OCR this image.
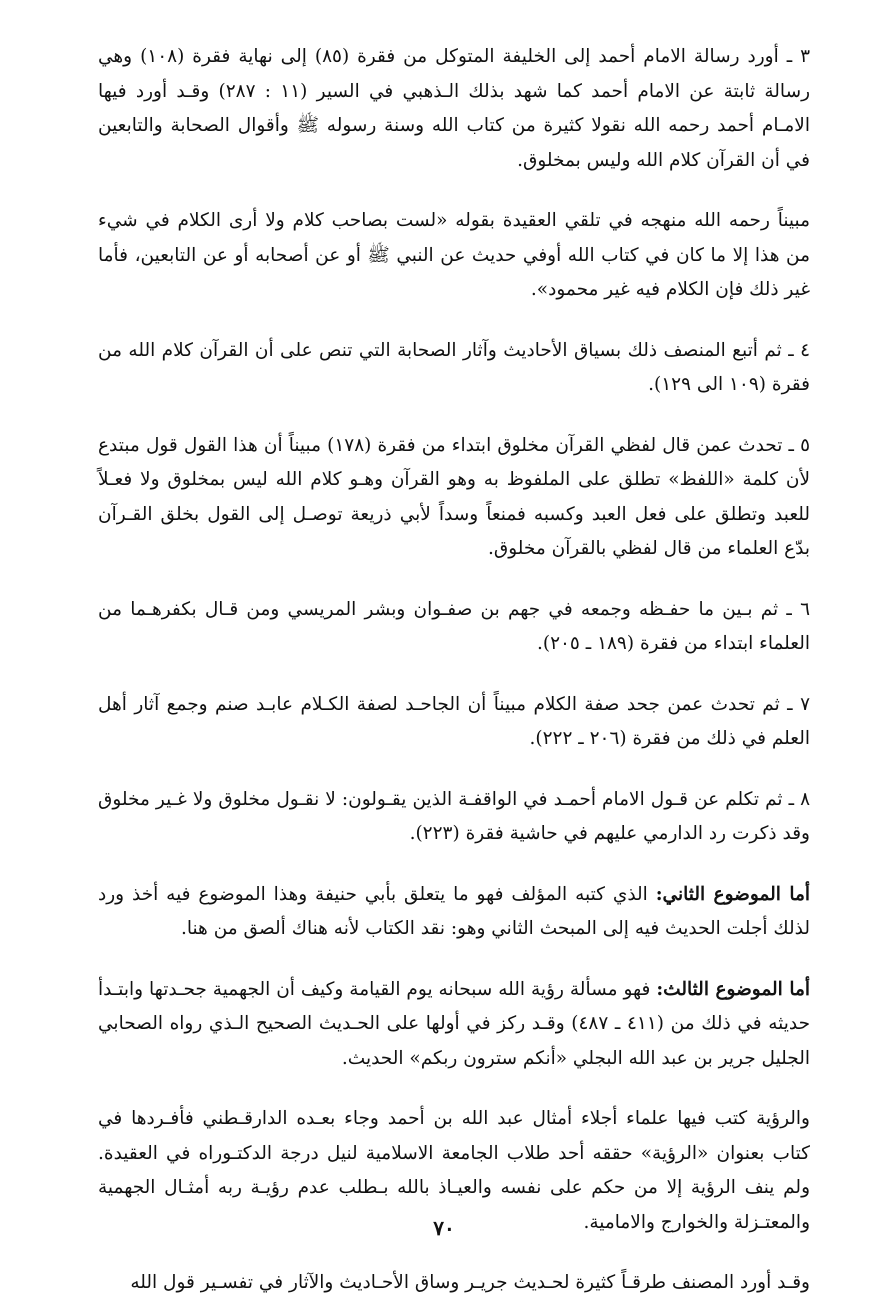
٣ ـ أورد رسالة الامام أحمد إلى الخليفة المتوكل من فقرة (٨٥) إلى نهاية فقرة (١٠٨) وهي رسالة ثابتة عن الامام أحمد كما شهد بذلك الـذهبي في السير (١١ : ٢٨٧) وقـد أورد فيها الامـام أحمد رحمه الله نقولا كثيرة من كتاب الله وسنة رسوله ﷺ وأقوال الصحابة والتابعين في أن القرآن كلام الله وليس بمخلوق.

مبيناً رحمه الله منهجه في تلقي العقيدة بقوله «لست بصاحب كلام ولا أرى الكلام في شيء من هذا إلا ما كان في كتاب الله أوفي حديث عن النبي ﷺ أو عن أصحابه أو عن التابعين، فأما غير ذلك فإن الكلام فيه غير محمود».

٤ ـ ثم أتبع المنصف ذلك بسياق الأحاديث وآثار الصحابة التي تنص على أن القرآن كلام الله من فقرة (١٠٩ الى ١٢٩).

٥ ـ تحدث عمن قال لفظي القرآن مخلوق ابتداء من فقرة (١٧٨) مبيناً أن هذا القول قول مبتدع لأن كلمة «اللفظ» تطلق على الملفوظ به وهو القرآن وهـو كلام الله ليس بمخلوق ولا فعـلاً للعبد وتطلق على فعل العبد وكسبه فمنعاً وسداً لأبي ذريعة توصـل إلى القول بخلق القـرآن بدّع العلماء من قال لفظي بالقرآن مخلوق.

٦ ـ ثم بـين ما حفـظه وجمعه في جهم بن صفـوان وبشر المريسي ومن قـال بكفرهـما من العلماء ابتداء من فقرة (١٨٩ ـ ٢٠٥).

٧ ـ ثم تحدث عمن جحد صفة الكلام مبيناً أن الجاحـد لصفة الكـلام عابـد صنم وجمع آثار أهل العلم في ذلك من فقرة (٢٠٦ ـ ٢٢٢).

٨ ـ ثم تكلم عن قـول الامام أحمـد في الواقفـة الذين يقـولون: لا نقـول مخلوق ولا غـير مخلوق وقد ذكرت رد الدارمي عليهم في حاشية فقرة (٢٢٣).

أما الموضوع الثاني: الذي كتبه المؤلف فهو ما يتعلق بأبي حنيفة وهذا الموضوع فيه أخذ ورد لذلك أجلت الحديث فيه إلى المبحث الثاني وهو: نقد الكتاب لأنه هناك ألصق من هنا.

أما الموضوع الثالث: فهو مسألة رؤية الله سبحانه يوم القيامة وكيف أن الجهمية جحـدتها وابتـدأ حديثه في ذلك من (٤١١ ـ ٤٨٧) وقـد ركز في أولها على الحـديث الصحيح الـذي رواه الصحابي الجليل جرير بن عبد الله البجلي «أنكم سترون ربكم» الحديث.

والرؤية كتب فيها علماء أجلاء أمثال عبد الله بن أحمد وجاء بعـده الدارقـطني فأفـردها في كتاب بعنوان «الرؤية» حققه أحد طلاب الجامعة الاسلامية لنيل درجة الدكتـوراه في العقيدة. ولم ينف الرؤية إلا من حكم على نفسه والعيـاذ بالله بـطلب عدم رؤيـة ربه أمثـال الجهمية والمعتـزلة والخوارج والامامية.

وقـد أورد المصنف طرقـاً كثيرة لحـديث جريـر وساق الأحـاديث والآثار في تفسـير قول الله

٧٠
